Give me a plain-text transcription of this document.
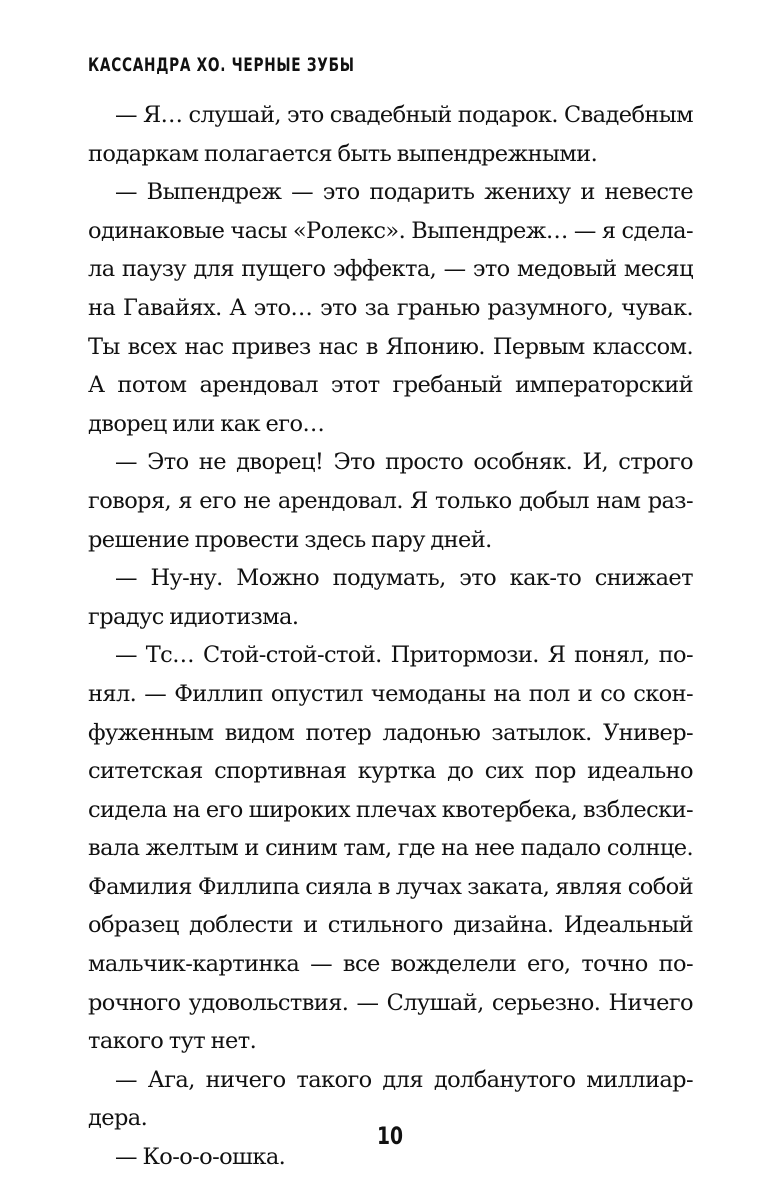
КАССАНДРА ХО. ЧЕРНЫЕ ЗУБЫ
— Я… слушай, это свадебный подарок. Свадебным
подаркам полагается быть выпендрежными.
— Выпендреж — это подарить жениху и невесте
одинаковые часы «Ролекс». Выпендреж… — я сдела-
ла паузу для пущего эффекта, — это медовый месяц
на Гавайях. А это… это за гранью разумного, чувак.
Ты всех нас привез нас в Японию. Первым классом.
А потом арендовал этот гребаный императорский
дворец или как его…
— Это не дворец! Это просто особняк. И, строго
говоря, я его не арендовал. Я только добыл нам раз-
решение провести здесь пару дней.
— Ну-ну. Можно подумать, это как-то снижает
градус идиотизма.
— Тс… Стой-стой-стой. Притормози. Я понял, по-
нял. — Филлип опустил чемоданы на пол и со скон-
фуженным видом потер ладонью затылок. Универ-
ситетская спортивная куртка до сих пор идеально
сидела на его широких плечах квотербека, взблески-
вала желтым и синим там, где на нее падало солнце.
Фамилия Филлипа сияла в лучах заката, являя собой
образец доблести и стильного дизайна. Идеальный
мальчик-картинка — все вожделели его, точно по-
рочного удовольствия. — Слушай, серьезно. Ничего
такого тут нет.
— Ага, ничего такого для долбанутого миллиар-
дера.
— Ко-о-о-ошка.
10
